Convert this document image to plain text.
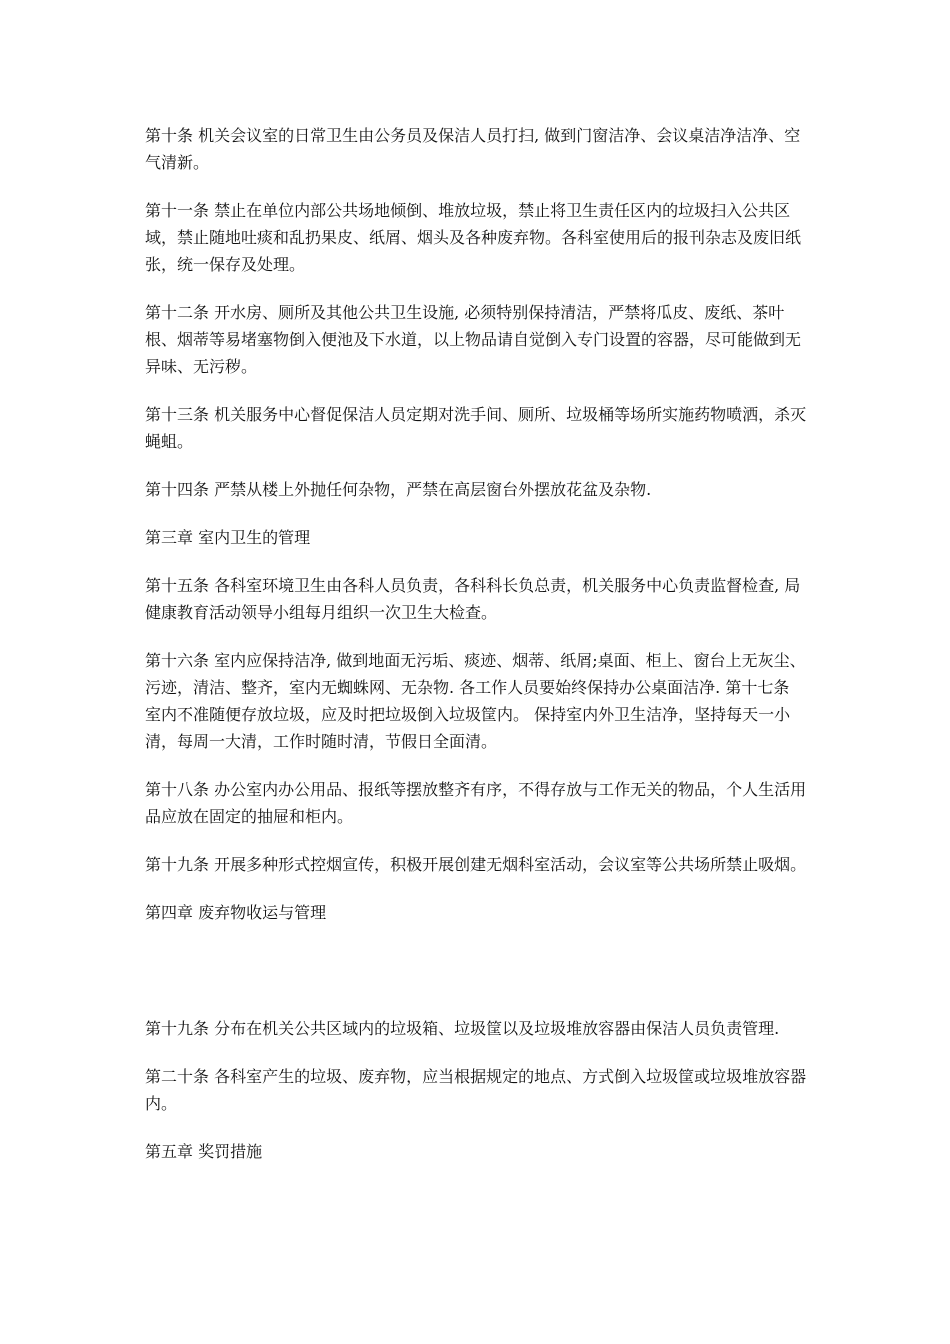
第十条 机关会议室的日常卫生由公务员及保洁人员打扫, 做到门窗洁净、会议桌洁净洁净、空气清新。

第十一条 禁止在单位内部公共场地倾倒、堆放垃圾，禁止将卫生责任区内的垃圾扫入公共区域，禁止随地吐痰和乱扔果皮、纸屑、烟头及各种废弃物。各科室使用后的报刊杂志及废旧纸张，统一保存及处理。

第十二条 开水房、厕所及其他公共卫生设施, 必须特别保持清洁，严禁将瓜皮、废纸、茶叶根、烟蒂等易堵塞物倒入便池及下水道，以上物品请自觉倒入专门设置的容器，尽可能做到无异味、无污秽。

第十三条 机关服务中心督促保洁人员定期对洗手间、厕所、垃圾桶等场所实施药物喷洒，杀灭蝇蛆。

第十四条 严禁从楼上外抛任何杂物，严禁在高层窗台外摆放花盆及杂物.

第三章 室内卫生的管理

第十五条 各科室环境卫生由各科人员负责，各科科长负总责，机关服务中心负责监督检查, 局健康教育活动领导小组每月组织一次卫生大检查。

第十六条 室内应保持洁净, 做到地面无污垢、痰迹、烟蒂、纸屑;桌面、柜上、窗台上无灰尘、污迹，清洁、整齐，室内无蜘蛛网、无杂物. 各工作人员要始终保持办公桌面洁净. 第十七条 室内不准随便存放垃圾，应及时把垃圾倒入垃圾筐内。 保持室内外卫生洁净，坚持每天一小清，每周一大清，工作时随时清，节假日全面清。

第十八条 办公室内办公用品、报纸等摆放整齐有序，不得存放与工作无关的物品，个人生活用品应放在固定的抽屉和柜内。

第十九条 开展多种形式控烟宣传，积极开展创建无烟科室活动，会议室等公共场所禁止吸烟。

第四章 废弃物收运与管理

第十九条 分布在机关公共区域内的垃圾箱、垃圾筐以及垃圾堆放容器由保洁人员负责管理.

第二十条 各科室产生的垃圾、废弃物，应当根据规定的地点、方式倒入垃圾筐或垃圾堆放容器内。

第五章 奖罚措施
